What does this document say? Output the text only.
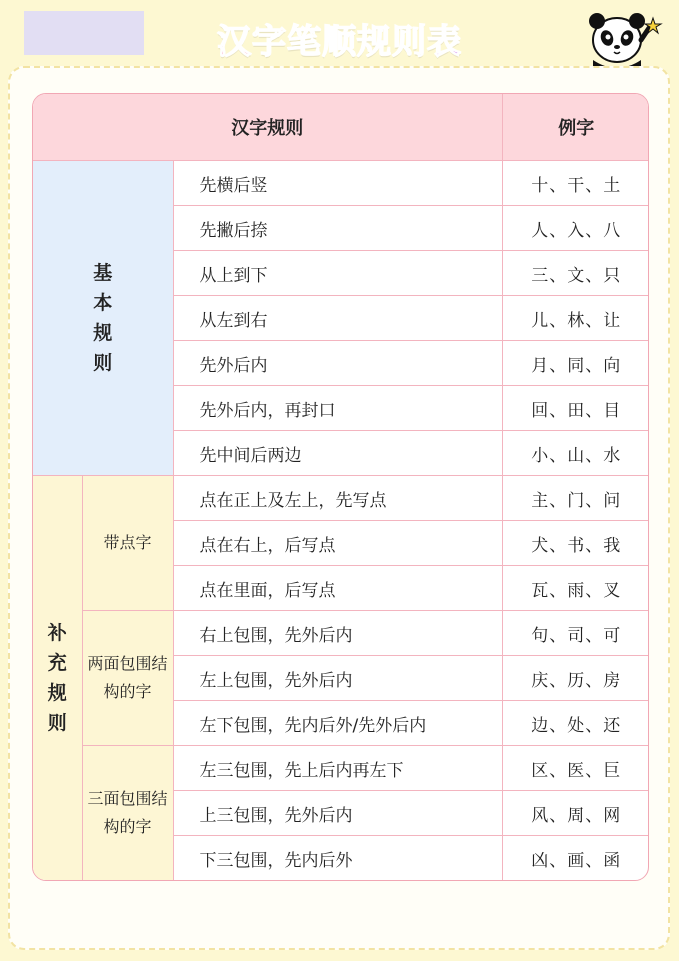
汉字笔顺规则表
汉字规则			例字
基本规则		先横后竖	十、干、土
		先撇后捺	人、入、八
		从上到下	三、文、只
		从左到右	儿、林、让
		先外后内	月、同、向
		先外后内，再封口	回、田、目
		先中间后两边	小、山、水
补充规则	带点字	点在正上及左上，先写点	主、门、问
		点在右上，后写点	犬、书、我
		点在里面，后写点	瓦、雨、叉
	两面包围结构的字	右上包围，先外后内	句、司、可
		左上包围，先外后内	庆、历、房
		左下包围，先内后外/先外后内	边、处、还
	三面包围结构的字	左三包围，先上后内再左下	区、医、巨
		上三包围，先外后内	风、周、网
		下三包围，先内后外	凶、画、函
